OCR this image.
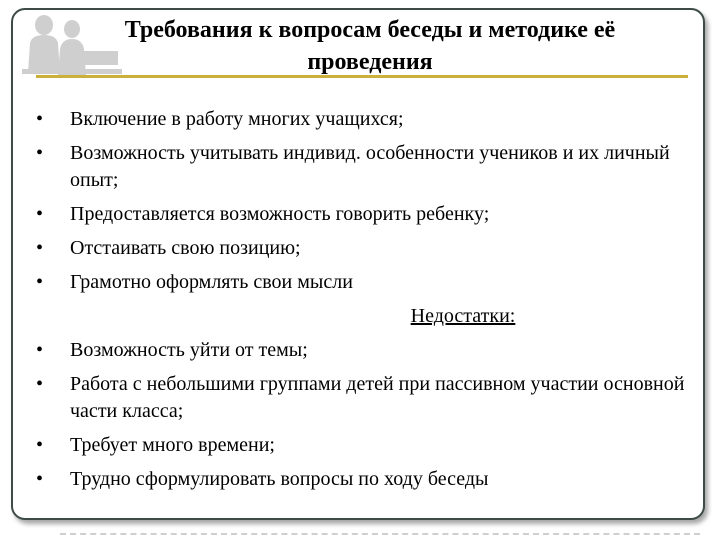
Требования к вопросам беседы и методике её проведения
• Включение в работу многих учащихся;
• Возможность учитывать индивид. особенности учеников и их личный опыт;
• Предоставляется возможность говорить ребенку;
• Отстаивать свою позицию;
• Грамотно оформлять свои мысли
Недостатки:
• Возможность уйти от темы;
• Работа с небольшими группами детей при пассивном участии основной части класса;
• Требует много времени;
• Трудно сформулировать вопросы по ходу беседы
